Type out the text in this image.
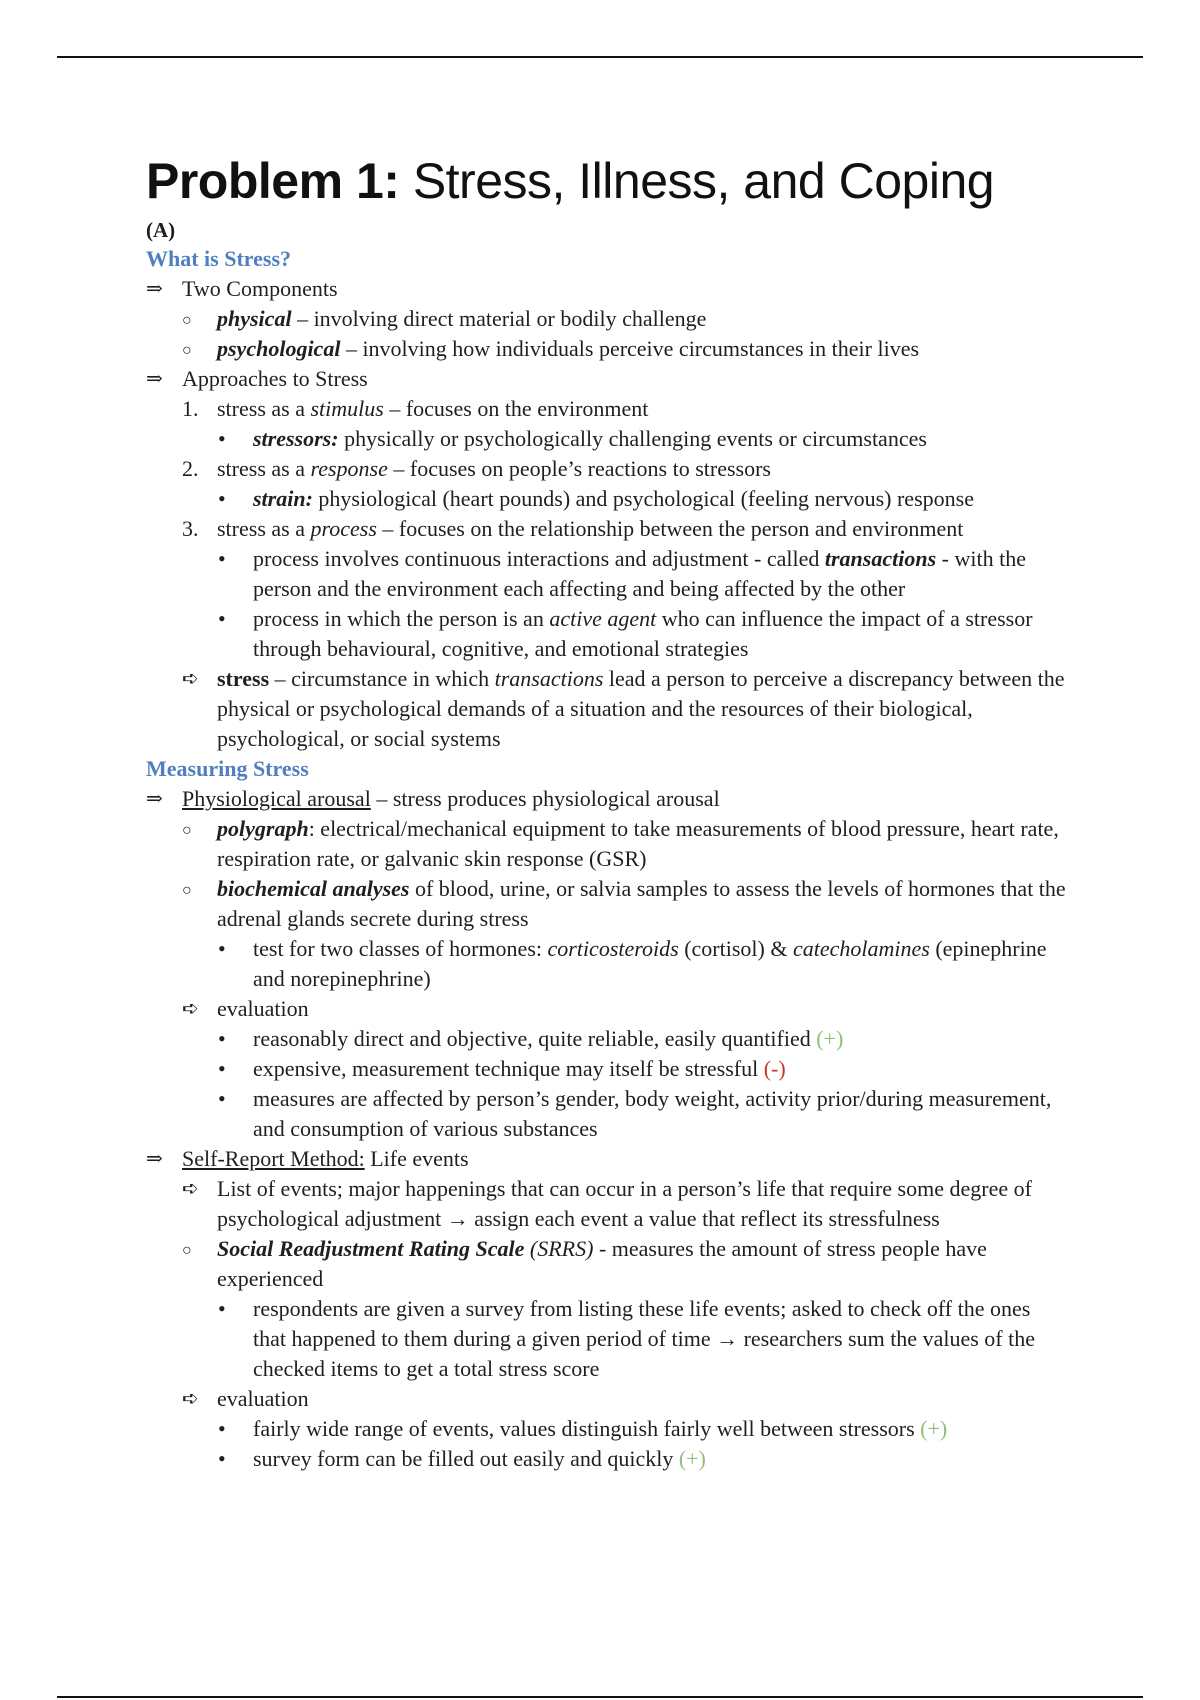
Problem 1: Stress, Illness, and Coping
(A)
What is Stress?
⇒ Two Components
○ physical – involving direct material or bodily challenge
○ psychological – involving how individuals perceive circumstances in their lives
⇒ Approaches to Stress
1. stress as a stimulus – focuses on the environment
• stressors: physically or psychologically challenging events or circumstances
2. stress as a response – focuses on people’s reactions to stressors
• strain: physiological (heart pounds) and psychological (feeling nervous) response
3. stress as a process – focuses on the relationship between the person and environment
• process involves continuous interactions and adjustment - called transactions - with the person and the environment each affecting and being affected by the other
• process in which the person is an active agent who can influence the impact of a stressor through behavioural, cognitive, and emotional strategies
➪ stress – circumstance in which transactions lead a person to perceive a discrepancy between the physical or psychological demands of a situation and the resources of their biological, psychological, or social systems
Measuring Stress
⇒ Physiological arousal – stress produces physiological arousal
○ polygraph: electrical/mechanical equipment to take measurements of blood pressure, heart rate, respiration rate, or galvanic skin response (GSR)
○ biochemical analyses of blood, urine, or salvia samples to assess the levels of hormones that the adrenal glands secrete during stress
• test for two classes of hormones: corticosteroids (cortisol) & catecholamines (epinephrine and norepinephrine)
➪ evaluation
• reasonably direct and objective, quite reliable, easily quantified (+)
• expensive, measurement technique may itself be stressful (-)
• measures are affected by person’s gender, body weight, activity prior/during measurement, and consumption of various substances
⇒ Self-Report Method: Life events
➪ List of events; major happenings that can occur in a person’s life that require some degree of psychological adjustment → assign each event a value that reflect its stressfulness
○ Social Readjustment Rating Scale (SRRS) - measures the amount of stress people have experienced
• respondents are given a survey from listing these life events; asked to check off the ones that happened to them during a given period of time → researchers sum the values of the checked items to get a total stress score
➪ evaluation
• fairly wide range of events, values distinguish fairly well between stressors (+)
• survey form can be filled out easily and quickly (+)
